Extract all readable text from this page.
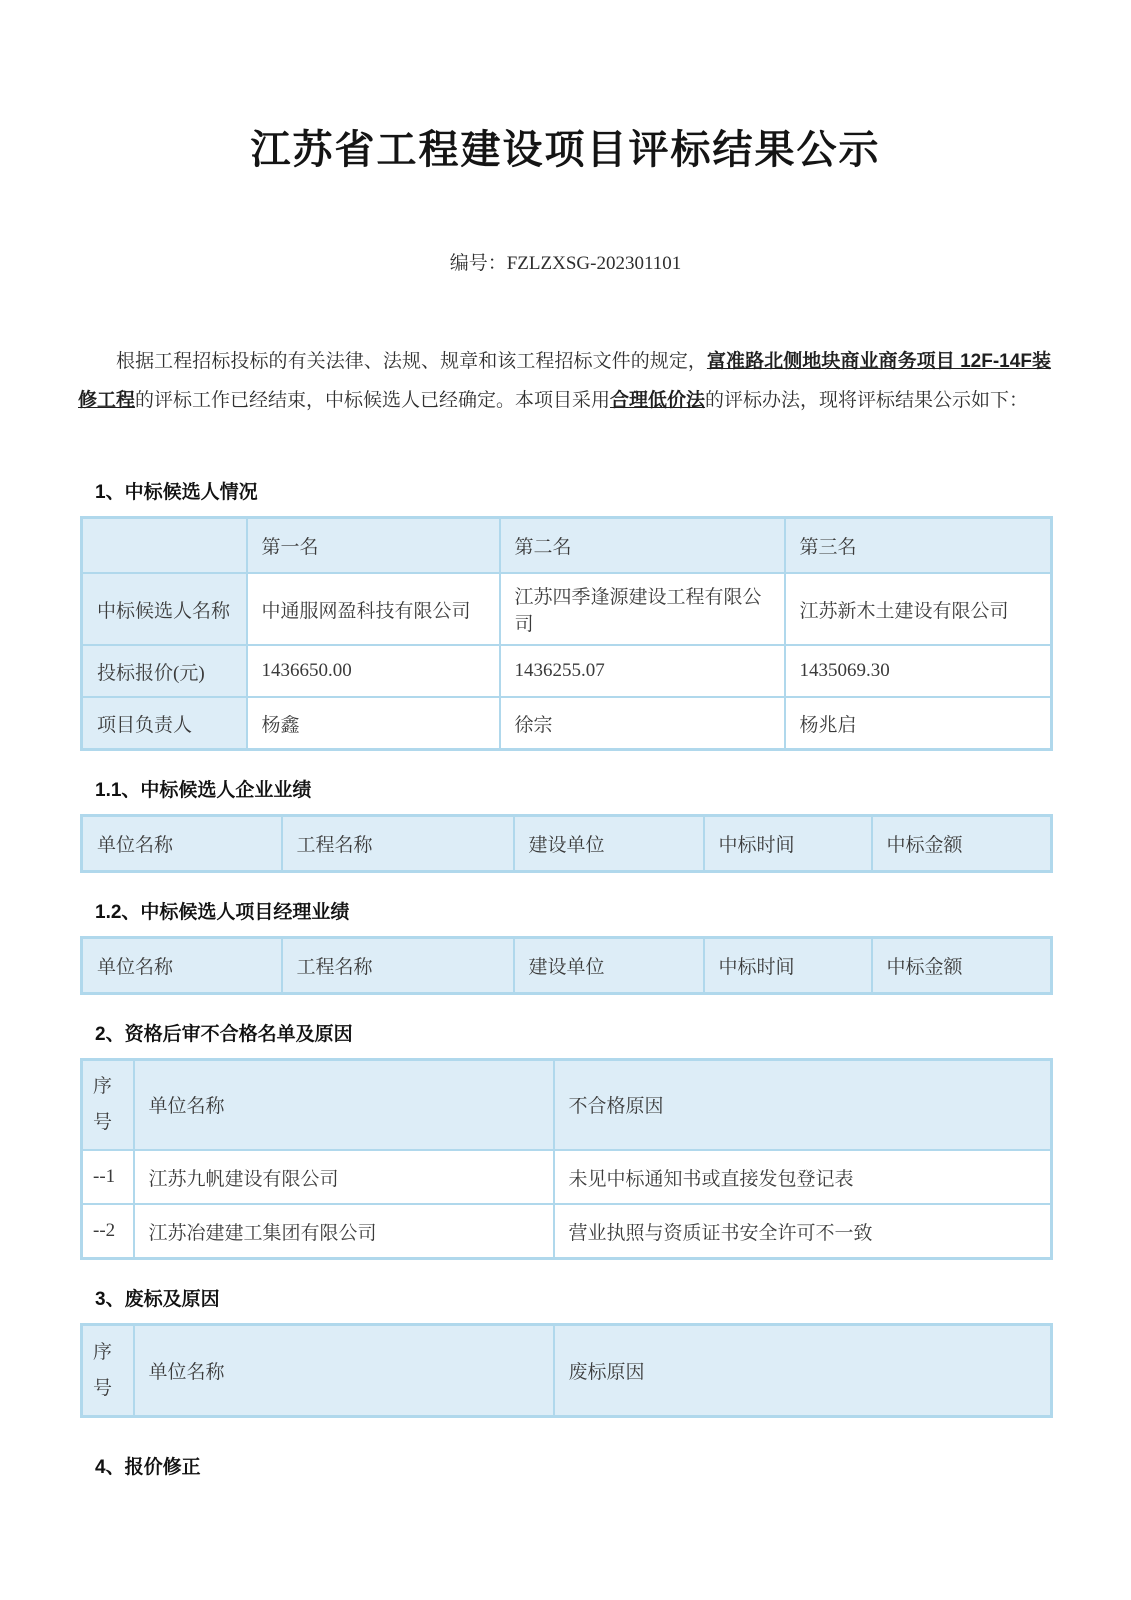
江苏省工程建设项目评标结果公示

编号：FZLZXSG-202301101

根据工程招标投标的有关法律、法规、规章和该工程招标文件的规定，富准路北侧地块商业商务项目 12F-14F装修工程的评标工作已经结束，中标候选人已经确定。本项目采用合理低价法的评标办法，现将评标结果公示如下：

1、中标候选人情况
	第一名	第二名	第三名
中标候选人名称	中通服网盈科技有限公司	江苏四季逢源建设工程有限公司	江苏新木土建设有限公司
投标报价(元)	1436650.00	1436255.07	1435069.30
项目负责人	杨鑫	徐宗	杨兆启
1.1、中标候选人企业业绩
单位名称	工程名称	建设单位	中标时间	中标金额
1.2、中标候选人项目经理业绩
单位名称	工程名称	建设单位	中标时间	中标金额
2、资格后审不合格名单及原因
序号	单位名称	不合格原因
--1	江苏九帆建设有限公司	未见中标通知书或直接发包登记表
--2	江苏冶建建工集团有限公司	营业执照与资质证书安全许可不一致
3、废标及原因
序号	单位名称	废标原因
4、报价修正
